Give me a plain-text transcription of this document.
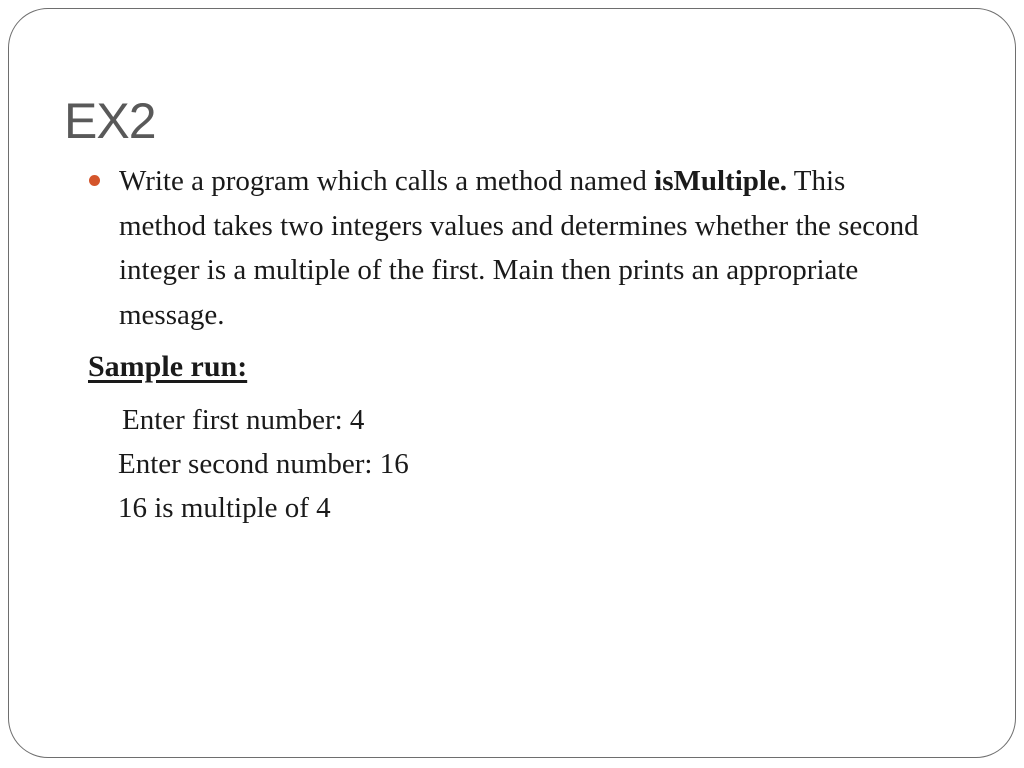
EX2

Write a program which calls a method named isMultiple. This method takes two integers values and determines whether the second integer is a multiple of the first. Main then prints an appropriate message.

Sample run:

Enter first number: 4

Enter second number: 16

16 is multiple of 4
